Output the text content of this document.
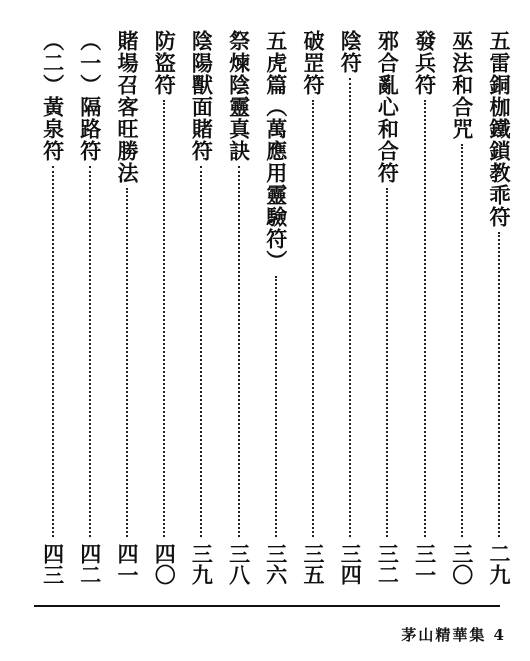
五雷銅枷鐵鎖教乖符
二九
巫法和合咒
三〇
發兵符
三一
邪合亂心和合符
三二
陰符
三四
破罡符
三五
五虎篇（萬應用靈驗符）
三六
祭煉陰靈真訣
三八
陰陽獸面賭符
三九
防盜符
四〇
賭場召客旺勝法
四一
（一）隔路符
四二
（二）黃泉符
四三
茅山精華集 4
